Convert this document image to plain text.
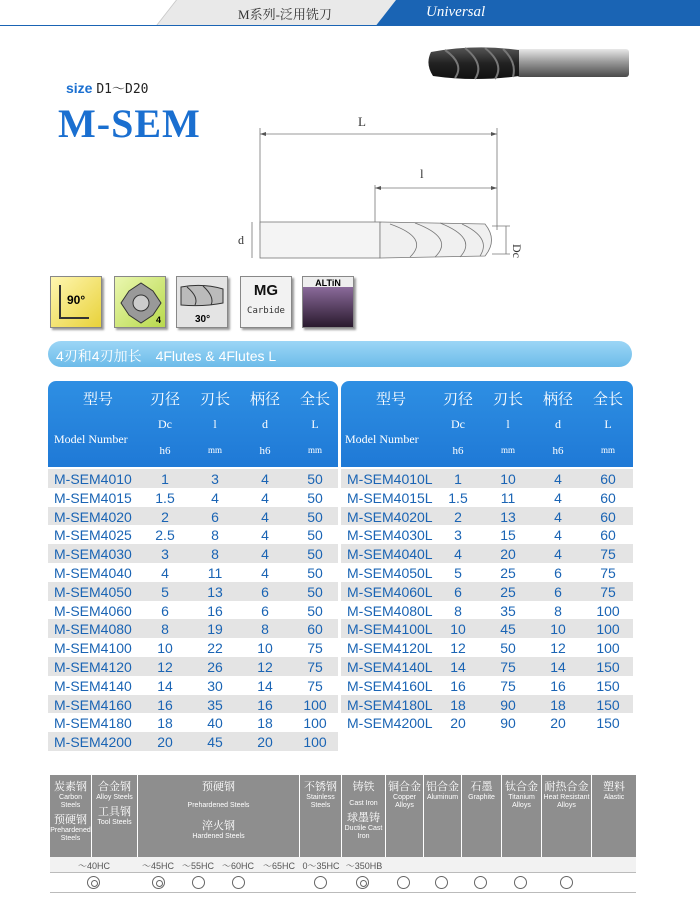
M系列-泛用铣刀	Universal
size D1～D20
M-SEM	L
l
d
Dc
90°
4	30°
MG
Carbide
ALTiN
4刃和4刃加长　4Flutes & 4Flutes L
型号	刃径	刃长	柄径	全长
Model Number
Dc	l	d	L
h6	mm	h6	mm
M-SEM4010	1	3	4	50
M-SEM4015	1.5	4	4	50
M-SEM4020	2	6	4	50
M-SEM4025	2.5	8	4	50
M-SEM4030	3	8	4	50
M-SEM4040	4	11	4	50
M-SEM4050	5	13	6	50
M-SEM4060	6	16	6	50
M-SEM4080	8	19	8	60
M-SEM4100	10	22	10	75
M-SEM4120	12	26	12	75
M-SEM4140	14	30	14	75
M-SEM4160	16	35	16	100
M-SEM4180	18	40	18	100
M-SEM4200	20	45	20	100
型号	刃径	刃长	柄径	全长
Model Number
Dc	l	d	L
h6	mm	h6	mm
M-SEM4010L	1	10	4	60
M-SEM4015L	1.5	11	4	60
M-SEM4020L	2	13	4	60
M-SEM4030L	3	15	4	60
M-SEM4040L	4	20	4	75
M-SEM4050L	5	25	6	75
M-SEM4060L	6	25	6	75
M-SEM4080L	8	35	8	100
M-SEM4100L	10	45	10	100
M-SEM4120L	12	50	12	100
M-SEM4140L	14	75	14	150
M-SEM4160L	16	75	16	150
M-SEM4180L	18	90	18	150
M-SEM4200L	20	90	20	150
炭素钢
Carbon Steels
预硬钢
Prehardened Steels
合金钢
Alloy Steels
工具钢
Tool Steels
预硬钢
Prehardened Steels
淬火钢
Hardened Steels
不锈钢
Stainless Steels
铸铁
Cast Iron
球墨铸
Ductile Cast Iron
铜合金
Copper Alloys
铝合金
Aluminum
石墨
Graphite
钛合金
Titanium Alloys
耐热合金
Heat Resistant Alloys
塑料
Alastic
～40HC	～45HC ～55HC ～60HC ～65HC 0～35HC ～350HB
